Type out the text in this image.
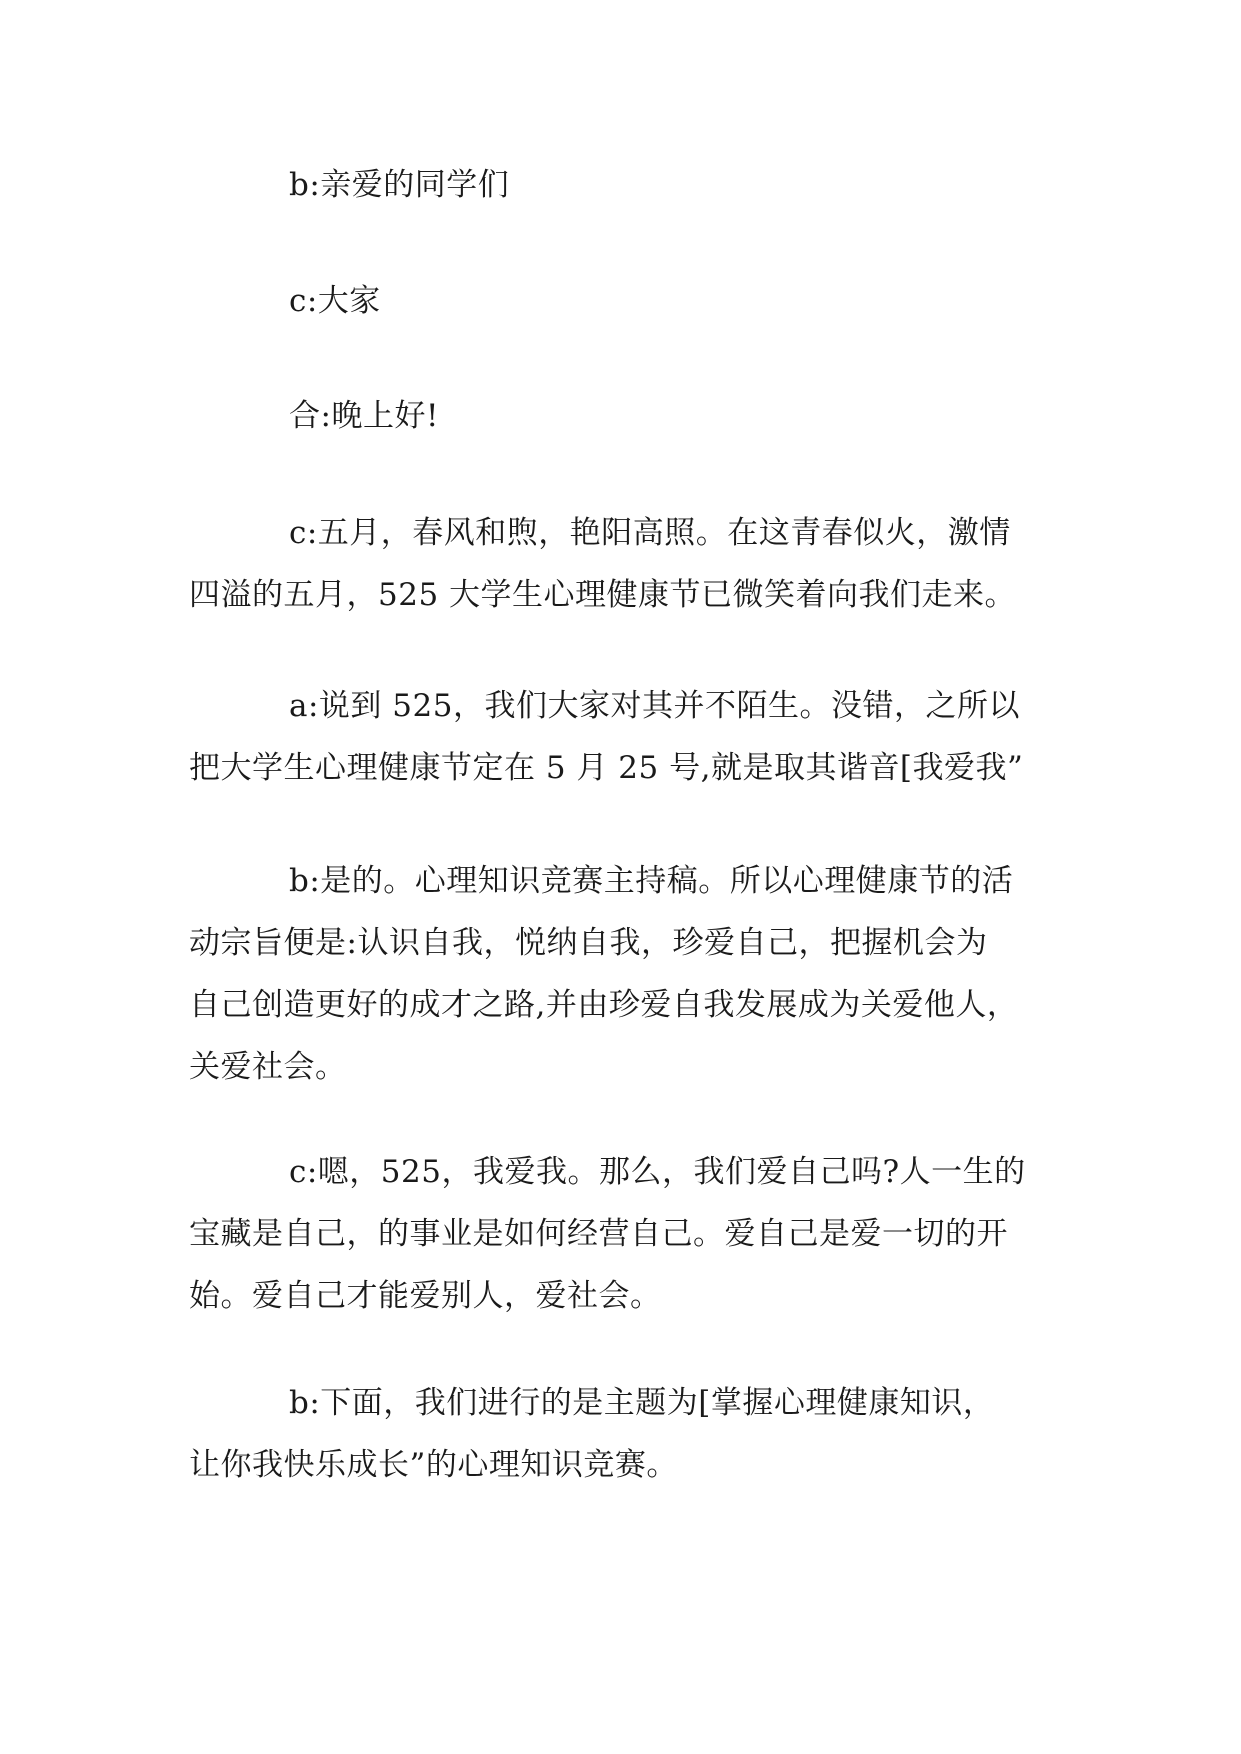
b:亲爱的同学们
c:大家
合:晚上好!
c:五月，春风和煦，艳阳高照。在这青春似火，激情
四溢的五月，525 大学生心理健康节已微笑着向我们走来。
a:说到 525，我们大家对其并不陌生。没错，之所以
把大学生心理健康节定在 5 月 25 号,就是取其谐音[我爱我”
b:是的。心理知识竞赛主持稿。所以心理健康节的活
动宗旨便是:认识自我，悦纳自我，珍爱自己，把握机会为
自己创造更好的成才之路,并由珍爱自我发展成为关爱他人，
关爱社会。
c:嗯，525，我爱我。那么，我们爱自己吗?人一生的
宝藏是自己，的事业是如何经营自己。爱自己是爱一切的开
始。爱自己才能爱别人，爱社会。
b:下面，我们进行的是主题为[掌握心理健康知识，
让你我快乐成长”的心理知识竞赛。
